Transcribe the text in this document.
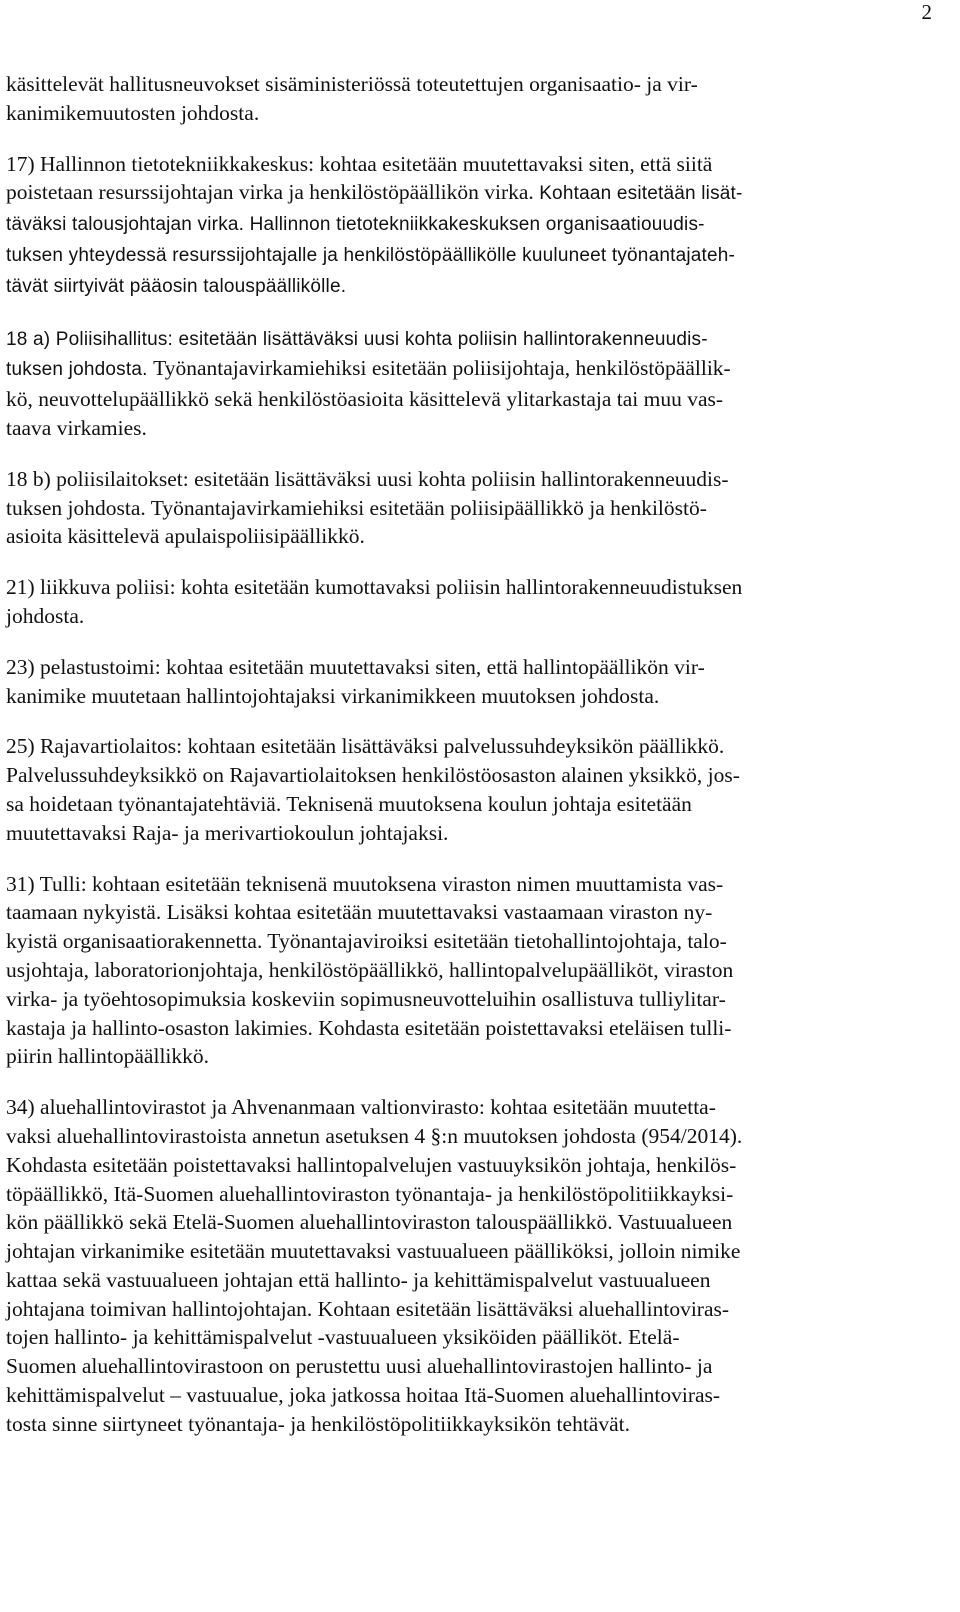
2
käsittelevät hallitusneuvokset sisäministeriössä toteutettujen organisaatio- ja vir-
kanimikemuutosten johdosta.
17) Hallinnon tietotekniikkakeskus: kohtaa esitetään muutettavaksi siten, että siitä
poistetaan resurssijohtajan virka ja henkilöstöpäällikön virka. Kohtaan esitetään lisät-
täväksi talousjohtajan virka. Hallinnon tietotekniikkakeskuksen organisaatiouudis-
tuksen yhteydessä resurssijohtajalle ja henkilöstöpäällikölle kuuluneet työnantajateh-
tävät siirtyivät pääosin talouspäällikölle.
18 a) Poliisihallitus: esitetään lisättäväksi uusi kohta poliisin hallintorakenneuudis-
tuksen johdosta. Työnantajavirkamiehiksi esitetään poliisijohtaja, henkilöstöpäällik-
kö, neuvottelupäällikkö sekä henkilöstöasioita käsittelevä ylitarkastaja tai muu vas-
taava virkamies.
18 b) poliisilaitokset: esitetään lisättäväksi uusi kohta poliisin hallintorakenneuudis-
tuksen johdosta. Työnantajavirkamiehiksi esitetään poliisipäällikkö ja henkilöstö-
asioita käsittelevä apulaispoliisipäällikkö.
21) liikkuva poliisi: kohta esitetään kumottavaksi poliisin hallintorakenneuudistuksen
johdosta.
23) pelastustoimi: kohtaa esitetään muutettavaksi siten, että hallintopäällikön vir-
kanimike muutetaan hallintojohtajaksi virkanimikkeen muutoksen johdosta.
25) Rajavartiolaitos: kohtaan esitetään lisättäväksi palvelussuhdeyksikön päällikkö.
Palvelussuhdeyksikkö on Rajavartiolaitoksen henkilöstöosaston alainen yksikkö, jos-
sa hoidetaan työnantajatehtäviä. Teknisenä muutoksena koulun johtaja esitetään
muutettavaksi Raja- ja merivartiokoulun johtajaksi.
31) Tulli: kohtaan esitetään teknisenä muutoksena viraston nimen muuttamista vas-
taamaan nykyistä. Lisäksi kohtaa esitetään muutettavaksi vastaamaan viraston ny-
kyistä organisaatiorakennetta. Työnantajaviroiksi esitetään tietohallintojohtaja, talo-
usjohtaja, laboratorionjohtaja, henkilöstöpäällikkö, hallintopalvelupäälliköt, viraston
virka- ja työehtosopimuksia koskeviin sopimusneuvotteluihin osallistuva tulliylitar-
kastaja ja hallinto-osaston lakimies. Kohdasta esitetään poistettavaksi eteläisen tulli-
piirin hallintopäällikkö.
34) aluehallintovirastot ja Ahvenanmaan valtionvirasto: kohtaa esitetään muutetta-
vaksi aluehallintovirastoista annetun asetuksen 4 §:n muutoksen johdosta (954/2014).
Kohdasta esitetään poistettavaksi hallintopalvelujen vastuuyksikön johtaja, henkilös-
töpäällikkö, Itä-Suomen aluehallintoviraston työnantaja- ja henkilöstöpolitiikkayksi-
kön päällikkö sekä Etelä-Suomen aluehallintoviraston talouspäällikkö. Vastuualueen
johtajan virkanimike esitetään muutettavaksi vastuualueen päälliköksi, jolloin nimike
kattaa sekä vastuualueen johtajan että hallinto- ja kehittämispalvelut vastuualueen
johtajana toimivan hallintojohtajan. Kohtaan esitetään lisättäväksi aluehallintoviras-
tojen hallinto- ja kehittämispalvelut -vastuualueen yksiköiden päälliköt. Etelä-
Suomen aluehallintovirastoon on perustettu uusi aluehallintovirastojen hallinto- ja
kehittämispalvelut – vastuualue, joka jatkossa hoitaa Itä-Suomen aluehallintoviras-
tosta sinne siirtyneet työnantaja- ja henkilöstöpolitiikkayksikön tehtävät.
